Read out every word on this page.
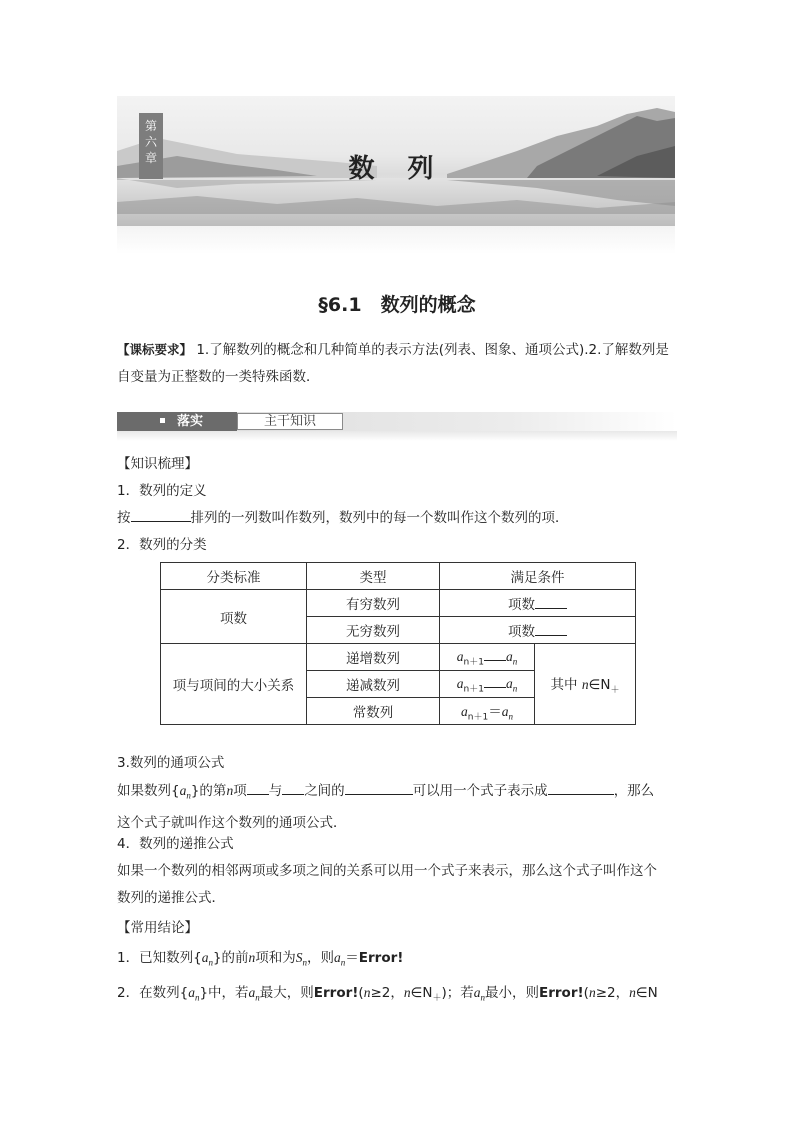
第
六
章	数 列
§6.1　数列的概念
【课标要求】 1.了解数列的概念和几种简单的表示方法(列表、图象、通项公式).2.了解数列是
自变量为正整数的一类特殊函数．
落实	主干知识
【知识梳理】
1．数列的定义
按	排列的一列数叫作数列，数列中的每一个数叫作这个数列的项．
2．数列的分类
分类标准	类型	满足条件	
项数	有穷数列	项数	
	无穷数列	项数	
项与项间的大小关系	递增数列	$a_{n+1}$ $a_n$	其中 $n\in N_+$
	递减数列	$a_{n+1}$ $a_n$
	常数列	$a_{n+1}=a_n$
3.数列的通项公式
如果数列$\{a_n\}$的第n项 与 之间的	可以用一个式子表示成	，那么
这个式子就叫作这个数列的通项公式．
4．数列的递推公式
如果一个数列的相邻两项或多项之间的关系可以用一个式子来表示，那么这个式子叫作这个
数列的递推公式．
【常用结论】
1．已知数列$\{a_n\}$的前n项和为$S_n$，则$a_n=Error$!
2．在数列$\{a_n\}$中，若$a_n$最大，则Error!(n≥2，$n\in N_+$)；若$a_n$最小，则Error!(n≥2，n∈N
